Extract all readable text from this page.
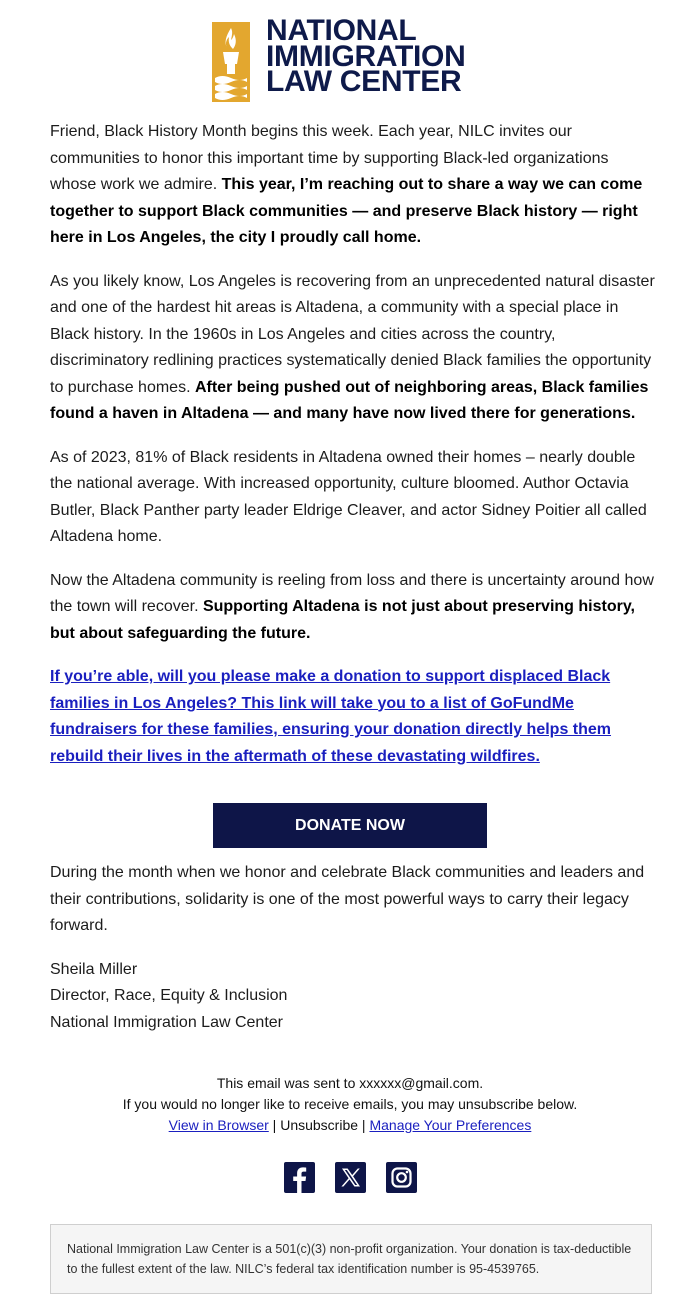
NATIONAL
IMMIGRATION
LAW CENTER

Friend, Black History Month begins this week. Each year, NILC invites our communities to honor this important time by supporting Black-led organizations whose work we admire. This year, I’m reaching out to share a way we can come together to support Black communities — and preserve Black history — right here in Los Angeles, the city I proudly call home.

As you likely know, Los Angeles is recovering from an unprecedented natural disaster and one of the hardest hit areas is Altadena, a community with a special place in Black history. In the 1960s in Los Angeles and cities across the country, discriminatory redlining practices systematically denied Black families the opportunity to purchase homes. After being pushed out of neighboring areas, Black families found a haven in Altadena — and many have now lived there for generations.

As of 2023, 81% of Black residents in Altadena owned their homes – nearly double the national average. With increased opportunity, culture bloomed. Author Octavia Butler, Black Panther party leader Eldrige Cleaver, and actor Sidney Poitier all called Altadena home.

Now the Altadena community is reeling from loss and there is uncertainty around how the town will recover. Supporting Altadena is not just about preserving history, but about safeguarding the future.

If you’re able, will you please make a donation to support displaced Black families in Los Angeles? This link will take you to a list of GoFundMe fundraisers for these families, ensuring your donation directly helps them rebuild their lives in the aftermath of these devastating wildfires.

DONATE NOW

During the month when we honor and celebrate Black communities and leaders and their contributions, solidarity is one of the most powerful ways to carry their legacy forward.

Sheila Miller
Director, Race, Equity & Inclusion
National Immigration Law Center
This email was sent to xxxxxx@gmail.com.
If you would no longer like to receive emails, you may unsubscribe below.
View in Browser | Unsubscribe | Manage Your Preferences
National Immigration Law Center is a 501(c)(3) non-profit organization. Your donation is tax-deductible to the fullest extent of the law. NILC’s federal tax identification number is 95-4539765.
